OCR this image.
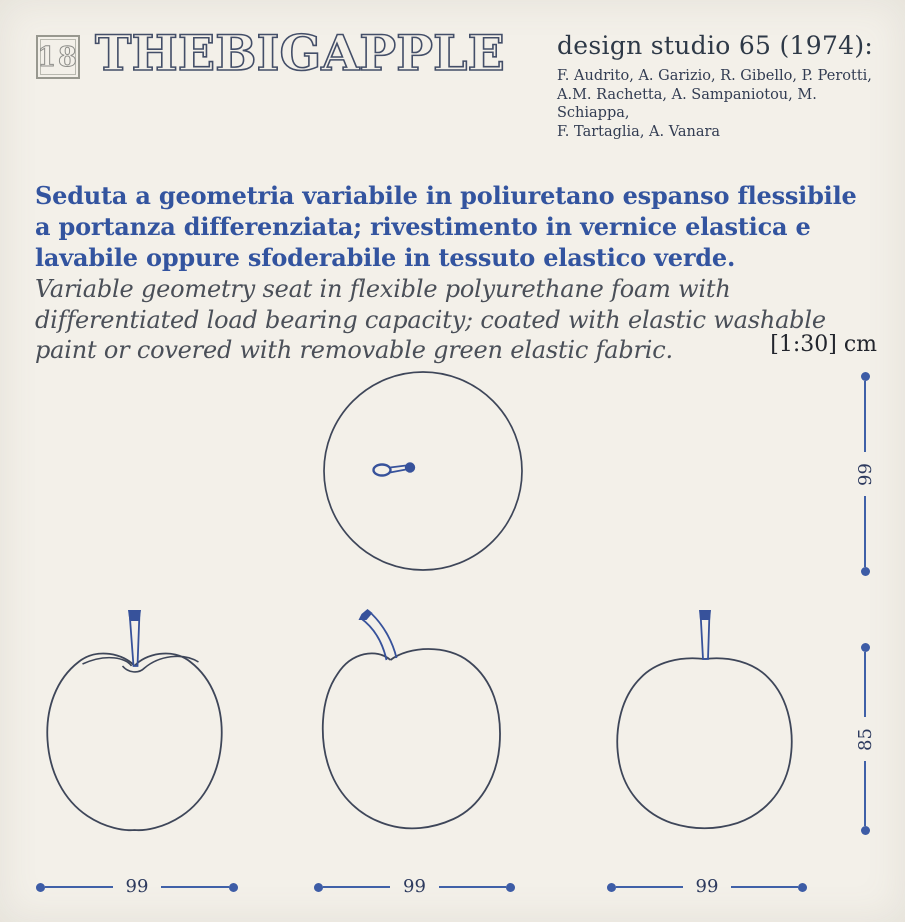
18 THEBIGAPPLE design studio 65 (1974):
F. Audrito, A. Garizio, R. Gibello, P. Perotti,
A.M. Rachetta, A. Sampaniotou, M. Schiappa,
F. Tartaglia, A. Vanara

Seduta a geometria variabile in poliuretano espanso flessibile a portanza differenziata; rivestimento in vernice elastica e lavabile oppure sfoderabile in tessuto elastico verde.

Variable geometry seat in flexible polyurethane foam with differentiated load bearing capacity; coated with elastic washable paint or covered with removable green elastic fabric.	[1:30] cm
99
85
99	99	99
